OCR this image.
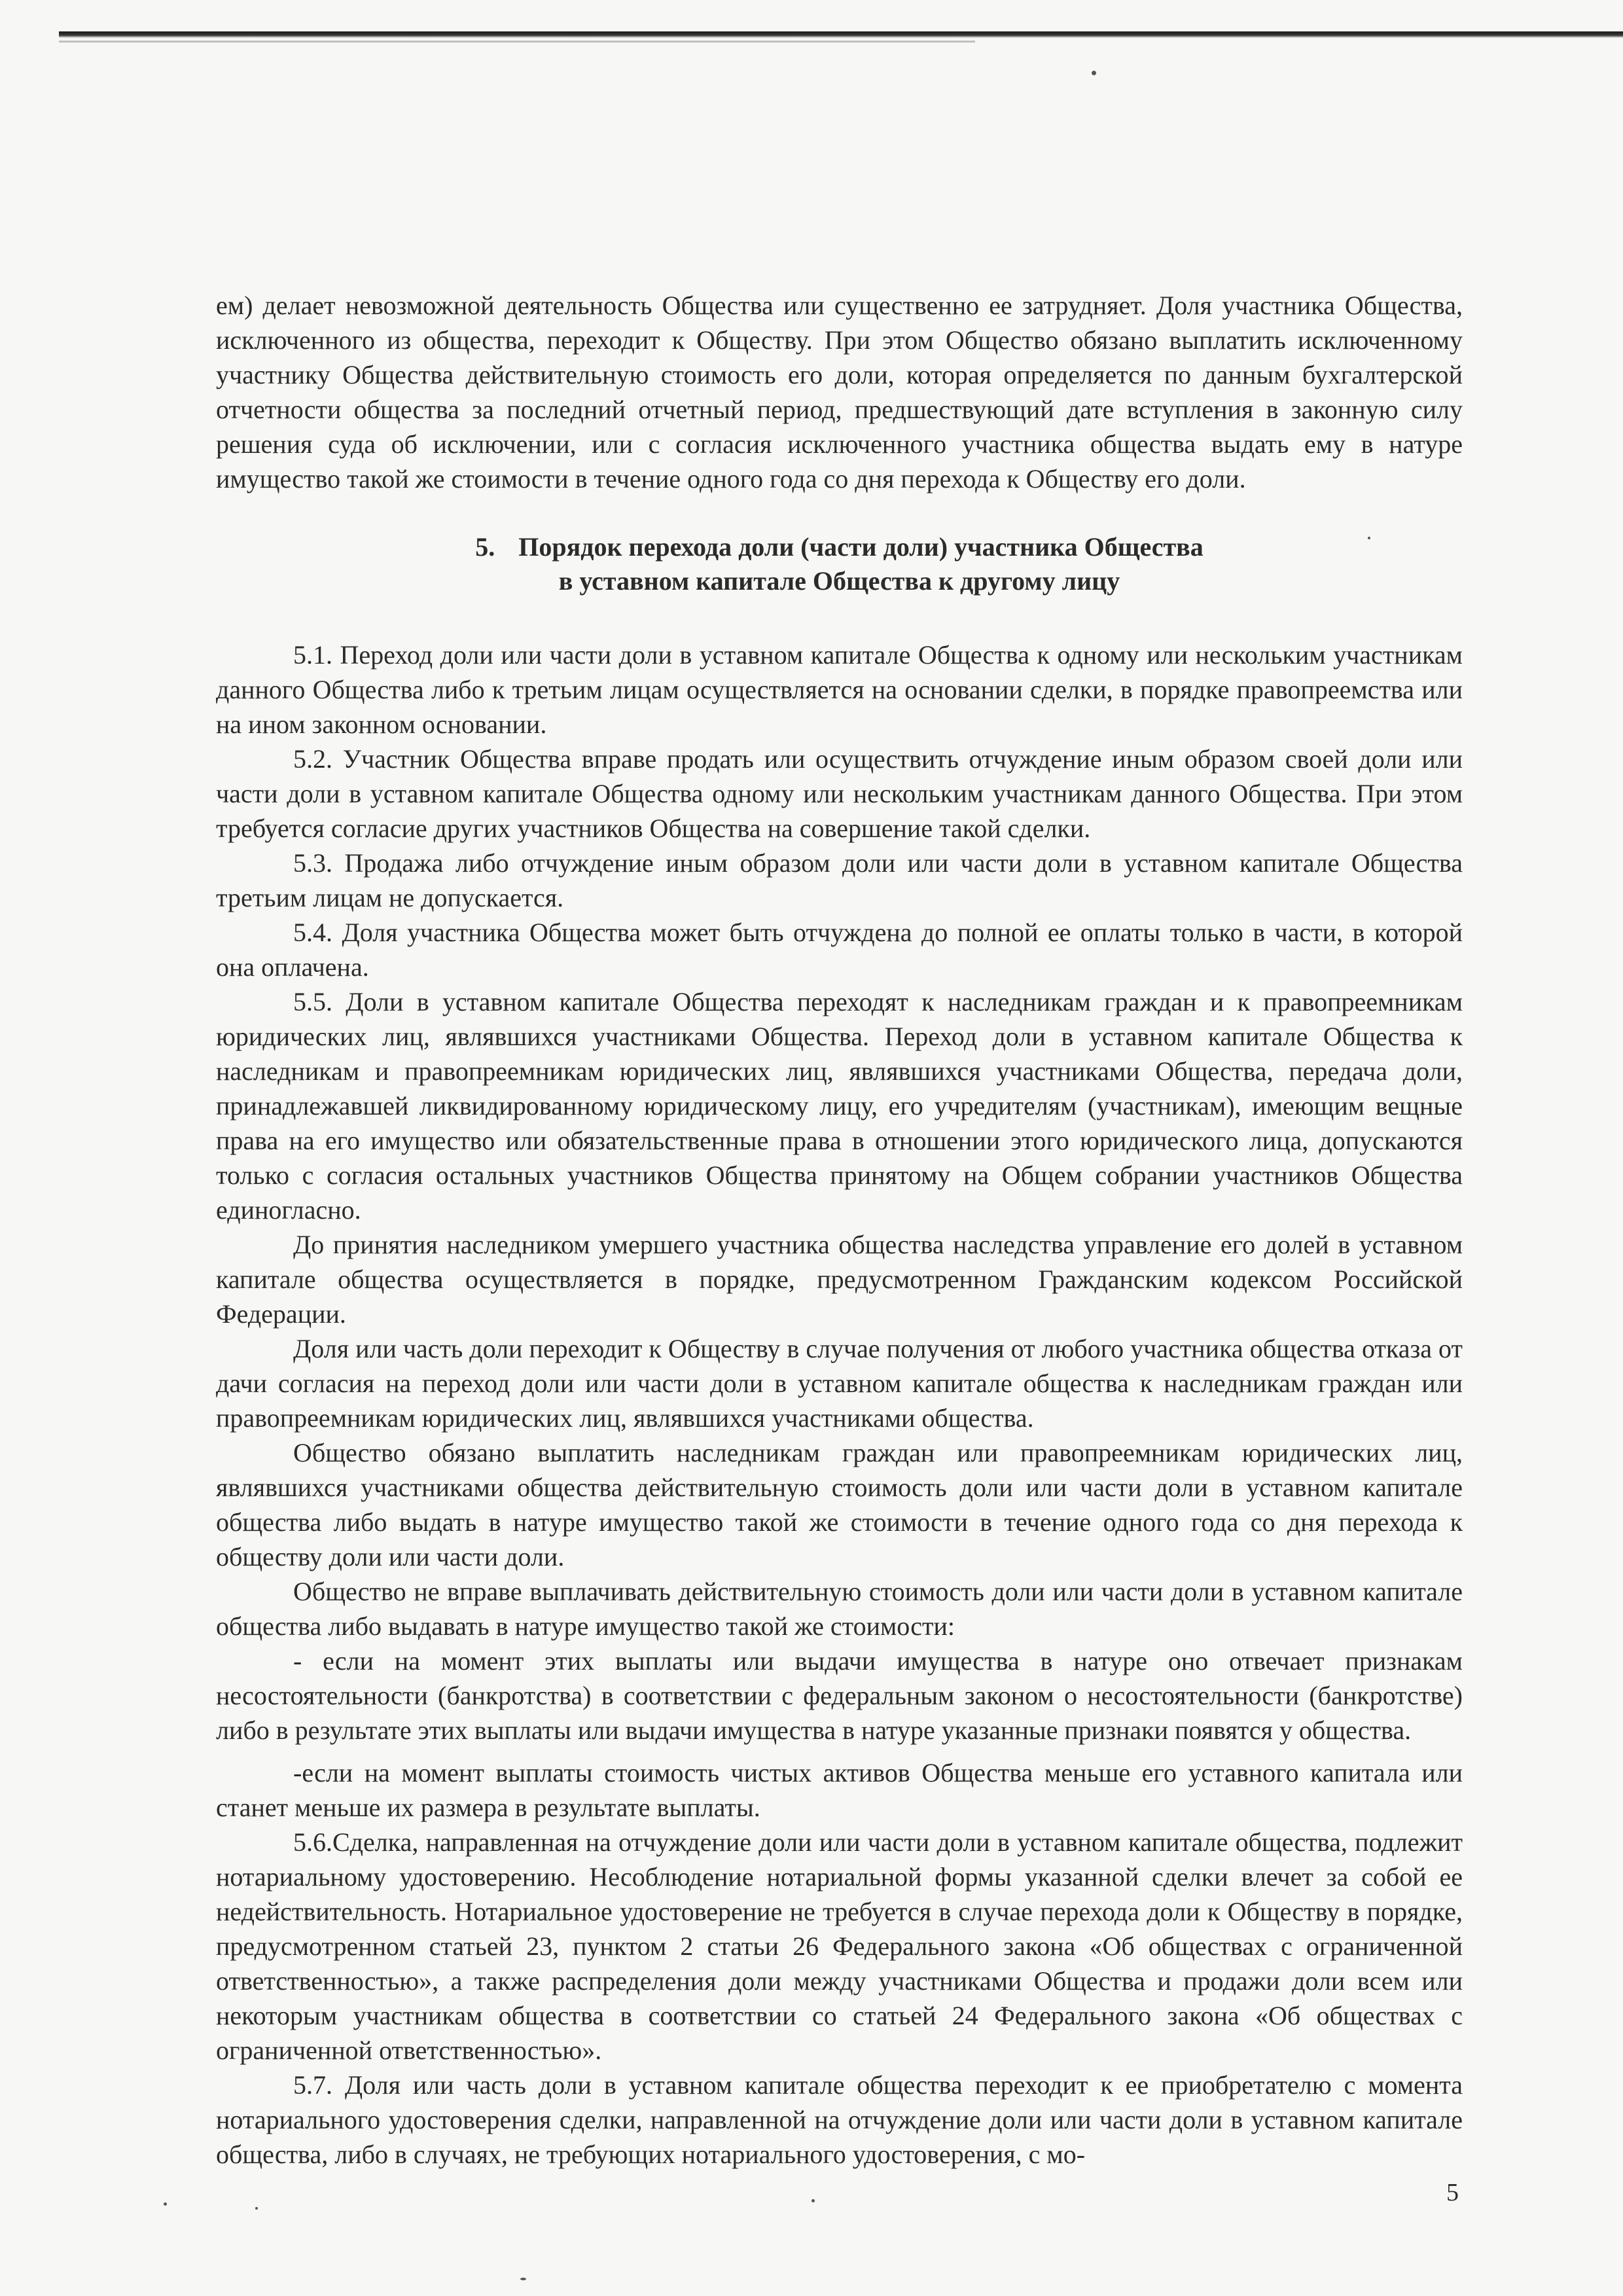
ем) делает невозможной деятельность Общества или существенно ее затрудняет. Доля участника Общества, исключенного из общества, переходит к Обществу. При этом Общество обязано выплатить исключенному участнику Общества действительную стоимость его доли, которая определяется по данным бухгалтерской отчетности общества за последний отчетный период, предшествующий дате вступления в законную силу решения суда об исключении, или с согласия исключенного участника общества выдать ему в натуре имущество такой же стоимости в течение одного года со дня перехода к Обществу его доли.

5. Порядок перехода доли (части доли) участника Общества
в уставном капитале Общества к другому лицу

5.1. Переход доли или части доли в уставном капитале Общества к одному или нескольким участникам данного Общества либо к третьим лицам осуществляется на основании сделки, в порядке правопреемства или на ином законном основании.

5.2. Участник Общества вправе продать или осуществить отчуждение иным образом своей доли или части доли в уставном капитале Общества одному или нескольким участникам данного Общества. При этом требуется согласие других участников Общества на совершение такой сделки.

5.3. Продажа либо отчуждение иным образом доли или части доли в уставном капитале Общества третьим лицам не допускается.

5.4. Доля участника Общества может быть отчуждена до полной ее оплаты только в части, в которой она оплачена.

5.5. Доли в уставном капитале Общества переходят к наследникам граждан и к правопреемникам юридических лиц, являвшихся участниками Общества. Переход доли в уставном капитале Общества к наследникам и правопреемникам юридических лиц, являвшихся участниками Общества, передача доли, принадлежавшей ликвидированному юридическому лицу, его учредителям (участникам), имеющим вещные права на его имущество или обязательственные права в отношении этого юридического лица, допускаются только с согласия остальных участников Общества принятому на Общем собрании участников Общества единогласно.

До принятия наследником умершего участника общества наследства управление его долей в уставном капитале общества осуществляется в порядке, предусмотренном Гражданским кодексом Российской Федерации.

Доля или часть доли переходит к Обществу в случае получения от любого участника общества отказа от дачи согласия на переход доли или части доли в уставном капитале общества к наследникам граждан или правопреемникам юридических лиц, являвшихся участниками общества.

Общество обязано выплатить наследникам граждан или правопреемникам юридических лиц, являвшихся участниками общества действительную стоимость доли или части доли в уставном капитале общества либо выдать в натуре имущество такой же стоимости в течение одного года со дня перехода к обществу доли или части доли.

Общество не вправе выплачивать действительную стоимость доли или части доли в уставном капитале общества либо выдавать в натуре имущество такой же стоимости:

- если на момент этих выплаты или выдачи имущества в натуре оно отвечает признакам несостоятельности (банкротства) в соответствии с федеральным законом о несостоятельности (банкротстве) либо в результате этих выплаты или выдачи имущества в натуре указанные признаки появятся у общества.

-если на момент выплаты стоимость чистых активов Общества меньше его уставного капитала или станет меньше их размера в результате выплаты.

5.6.Сделка, направленная на отчуждение доли или части доли в уставном капитале общества, подлежит нотариальному удостоверению. Несоблюдение нотариальной формы указанной сделки влечет за собой ее недействительность. Нотариальное удостоверение не требуется в случае перехода доли к Обществу в порядке, предусмотренном статьей 23, пунктом 2 статьи 26 Федерального закона «Об обществах с ограниченной ответственностью», а также распределения доли между участниками Общества и продажи доли всем или некоторым участникам общества в соответствии со статьей 24 Федерального закона «Об обществах с ограниченной ответственностью».

5.7. Доля или часть доли в уставном капитале общества переходит к ее приобретателю с момента нотариального удостоверения сделки, направленной на отчуждение доли или части доли в уставном капитале общества, либо в случаях, не требующих нотариального удостоверения, с мо-

5
